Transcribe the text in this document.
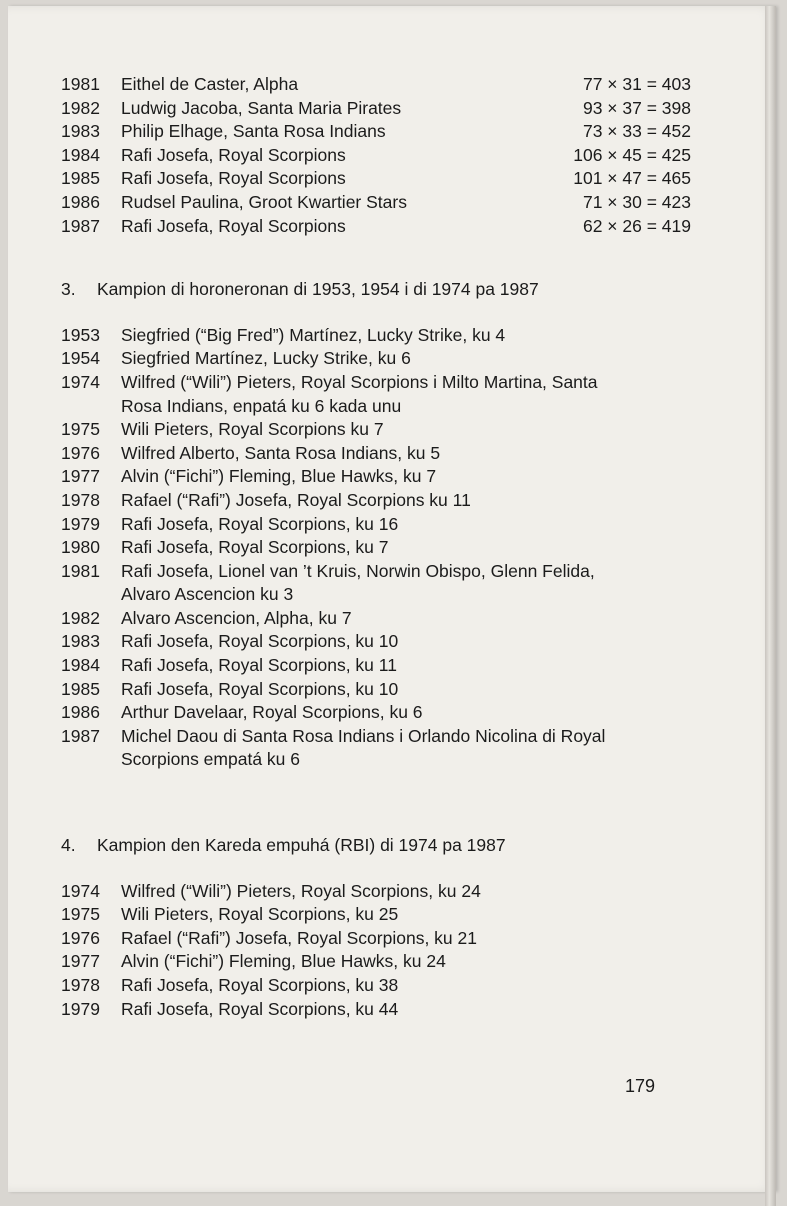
1981	Eithel de Caster, Alpha	77 × 31 = 403
1982	Ludwig Jacoba, Santa Maria Pirates	93 × 37 = 398
1983	Philip Elhage, Santa Rosa Indians	73 × 33 = 452
1984	Rafi Josefa, Royal Scorpions	106 × 45 = 425
1985	Rafi Josefa, Royal Scorpions	101 × 47 = 465
1986	Rudsel Paulina, Groot Kwartier Stars	71 × 30 = 423
1987	Rafi Josefa, Royal Scorpions	62 × 26 = 419
3.	Kampion di horoneronan di 1953, 1954 i di 1974 pa 1987
1953	Siegfried (“Big Fred”) Martínez, Lucky Strike, ku 4
1954	Siegfried Martínez, Lucky Strike, ku 6
1974	Wilfred (“Wili”) Pieters, Royal Scorpions i Milto Martina, Santa
Rosa Indians, enpatá ku 6 kada unu
1975	Wili Pieters, Royal Scorpions ku 7
1976	Wilfred Alberto, Santa Rosa Indians, ku 5
1977	Alvin (“Fichi”) Fleming, Blue Hawks, ku 7
1978	Rafael (“Rafi”) Josefa, Royal Scorpions ku 11
1979	Rafi Josefa, Royal Scorpions, ku 16
1980	Rafi Josefa, Royal Scorpions, ku 7
1981	Rafi Josefa, Lionel van ’t Kruis, Norwin Obispo, Glenn Felida,
Alvaro Ascencion ku 3
1982	Alvaro Ascencion, Alpha, ku 7
1983	Rafi Josefa, Royal Scorpions, ku 10
1984	Rafi Josefa, Royal Scorpions, ku 11
1985	Rafi Josefa, Royal Scorpions, ku 10
1986	Arthur Davelaar, Royal Scorpions, ku 6
1987	Michel Daou di Santa Rosa Indians i Orlando Nicolina di Royal
Scorpions empatá ku 6
4.	Kampion den Kareda empuhá (RBI) di 1974 pa 1987
1974	Wilfred (“Wili”) Pieters, Royal Scorpions, ku 24
1975	Wili Pieters, Royal Scorpions, ku 25
1976	Rafael (“Rafi”) Josefa, Royal Scorpions, ku 21
1977	Alvin (“Fichi”) Fleming, Blue Hawks, ku 24
1978	Rafi Josefa, Royal Scorpions, ku 38
1979	Rafi Josefa, Royal Scorpions, ku 44
179
